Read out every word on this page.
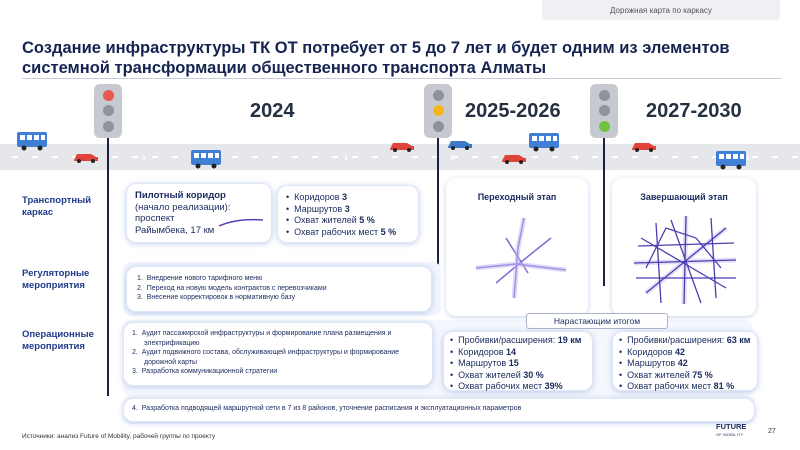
Дорожная карта по каркасу
Создание инфраструктуры ТК ОТ потребует от 5 до 7 лет и будет одним из элементов системной трансформации общественного транспорта Алматы
›	›	›	›	›
2024	2025-2026	2027-2030
Транспортный каркас
Регуляторные мероприятия
Операционные мероприятия
Пилотный коридор
(начало реализации):
проспект
Райымбека, 17 км
• Коридоров 3
• Маршрутов 3
• Охват жителей 5 %
• Охват рабочих мест 5 %
Переходный этап	Завершающий этап
1.  Внедрение нового тарифного меню
2.  Переход на новую модель контрактов с перевозчиками
3.  Внесение корректировок в нормативную базу
1.  Аудит пассажирской инфраструктуры и формирование плана размещения и электрификацию
2.  Аудит подвижного состава, обслуживающей инфраструктуры и формирование дорожной карты
3.  Разработка коммуникационной стратегии
Нарастающим итогом
• Пробивки/расширения: 19 км
• Коридоров 14
• Маршрутов 15
• Охват жителей 30 %
• Охват рабочих мест 39%
• Пробивки/расширения: 63 км
• Коридоров 42
• Маршрутов 42
• Охват жителей 75 %
• Охват рабочих мест 81 %
4.  Разработка подводящей маршрутной сети в 7 из 8 районов, уточнение расписания и эксплуатационных параметров
Источники: анализ Future of Mobility, рабочей группы по проекту
FUTURE
OF MOBILITY	27
